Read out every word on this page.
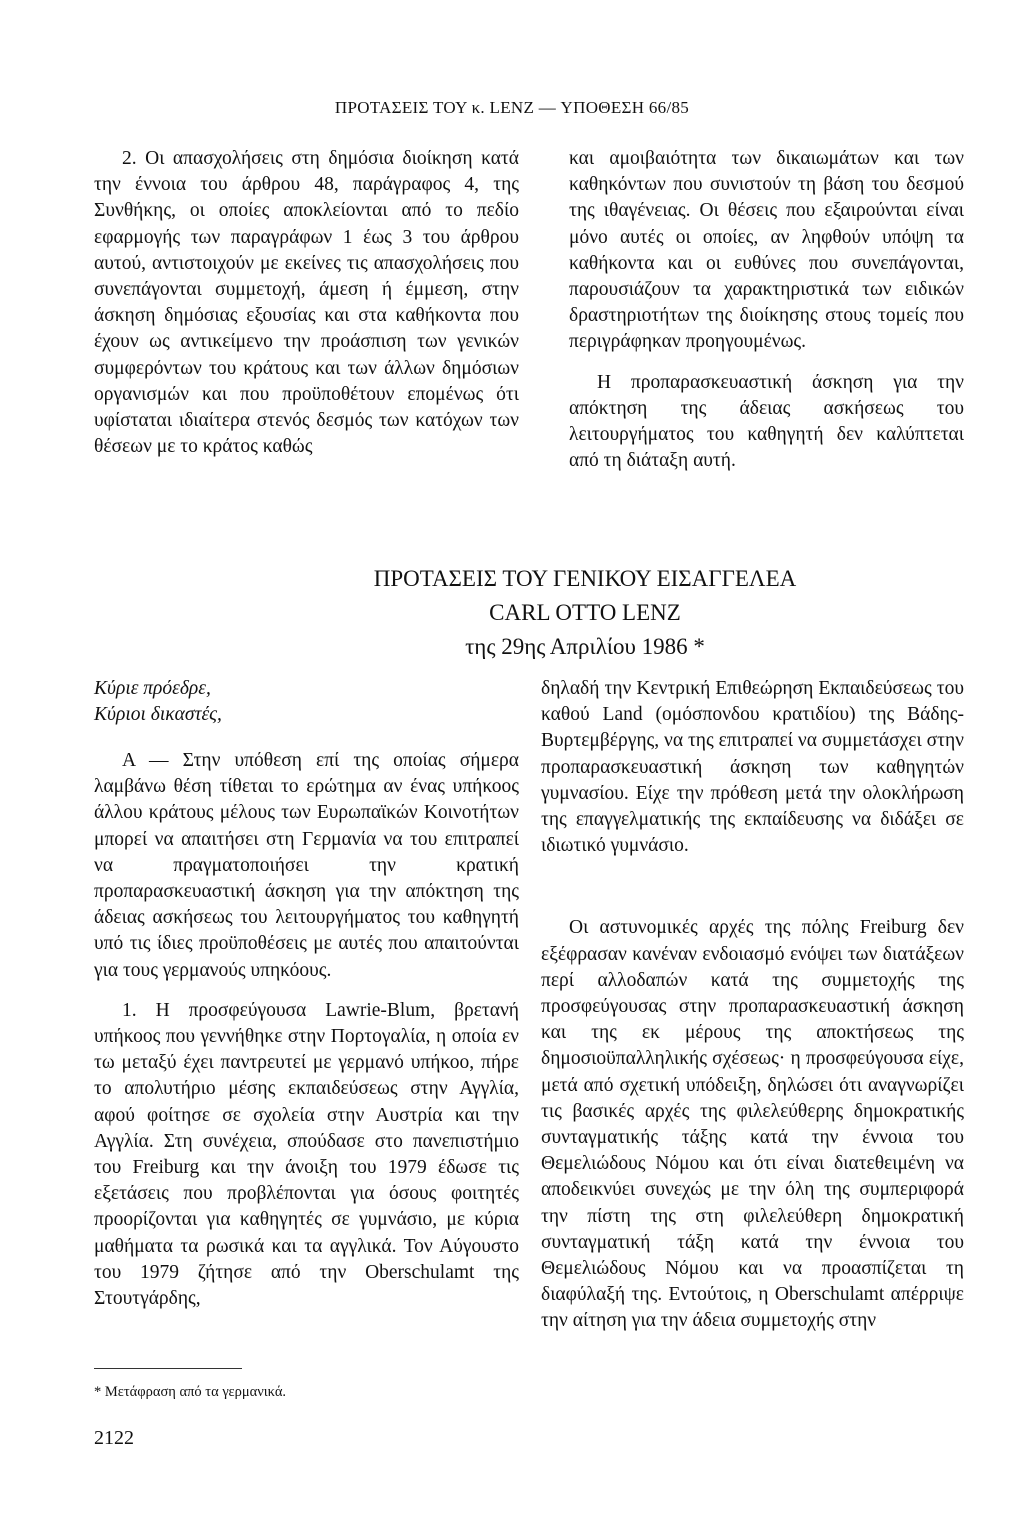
ΠΡΟΤΑΣΕΙΣ ΤΟΥ κ. LENZ — ΥΠΟΘΕΣΗ 66/85

2. Οι απασχολήσεις στη δημόσια διοίκηση κατά την έννοια του άρθρου 48, παράγραφος 4, της Συνθήκης, οι οποίες αποκλείονται από το πεδίο εφαρμογής των παραγράφων 1 έως 3 του άρθρου αυτού, αντιστοιχούν με εκείνες τις απασχολήσεις που συνεπάγονται συμμετοχή, άμεση ή έμμεση, στην άσκηση δημόσιας εξουσίας και στα καθήκοντα που έχουν ως αντικείμενο την προάσπιση των γενικών συμφερόντων του κράτους και των άλλων δημόσιων οργανισμών και που προϋποθέτουν επομένως ότι υφίσταται ιδιαίτερα στενός δεσμός των κατόχων των θέσεων με το κράτος καθώς

και αμοιβαιότητα των δικαιωμάτων και των καθηκόντων που συνιστούν τη βάση του δεσμού της ιθαγένειας. Οι θέσεις που εξαιρούνται είναι μόνο αυτές οι οποίες, αν ληφθούν υπόψη τα καθήκοντα και οι ευθύνες που συνεπάγονται, παρουσιάζουν τα χαρακτηριστικά των ειδικών δραστηριοτήτων της διοίκησης στους τομείς που περιγράφηκαν προηγουμένως.

Η προπαρασκευαστική άσκηση για την απόκτηση της άδειας ασκήσεως του λειτουργήματος του καθηγητή δεν καλύπτεται από τη διάταξη αυτή.

ΠΡΟΤΑΣΕΙΣ ΤΟΥ ΓΕΝΙΚΟΥ ΕΙΣΑΓΓΕΛΕΑ
CARL OTTO LENZ
της 29ης Απριλίου 1986 *
Κύριε πρόεδρε,
Κύριοι δικαστές,

Α — Στην υπόθεση επί της οποίας σήμερα λαμβάνω θέση τίθεται το ερώτημα αν ένας υπήκοος άλλου κράτους μέλους των Ευρωπαϊκών Κοινοτήτων μπορεί να απαιτήσει στη Γερμανία να του επιτραπεί να πραγματοποιήσει την κρατική προπαρασκευαστική άσκηση για την απόκτηση της άδειας ασκήσεως του λειτουργήματος του καθηγητή υπό τις ίδιες προϋποθέσεις με αυτές που απαιτούνται για τους γερμανούς υπηκόους.

1. Η προσφεύγουσα Lawrie-Blum, βρετανή υπήκοος που γεννήθηκε στην Πορτογαλία, η οποία εν τω μεταξύ έχει παντρευτεί με γερμανό υπήκοο, πήρε το απολυτήριο μέσης εκπαιδεύσεως στην Αγγλία, αφού φοίτησε σε σχολεία στην Αυστρία και την Αγγλία. Στη συνέχεια, σπούδασε στο πανεπιστήμιο του Freiburg και την άνοιξη του 1979 έδωσε τις εξετάσεις που προβλέπονται για όσους φοιτητές προορίζονται για καθηγητές σε γυμνάσιο, με κύρια μαθήματα τα ρωσικά και τα αγγλικά. Τον Αύγουστο του 1979 ζήτησε από την Oberschulamt της Στουτγάρδης,

δηλαδή την Κεντρική Επιθεώρηση Εκπαιδεύσεως του καθού Land (ομόσπονδου κρατιδίου) της Βάδης-Βυρτεμβέργης, να της επιτραπεί να συμμετάσχει στην προπαρασκευαστική άσκηση των καθηγητών γυμνασίου. Είχε την πρόθεση μετά την ολοκλήρωση της επαγγελματικής της εκπαίδευσης να διδάξει σε ιδιωτικό γυμνάσιο.

Οι αστυνομικές αρχές της πόλης Freiburg δεν εξέφρασαν κανέναν ενδοιασμό ενόψει των διατάξεων περί αλλοδαπών κατά της συμμετοχής της προσφεύγουσας στην προπαρασκευαστική άσκηση και της εκ μέρους της αποκτήσεως της δημοσιοϋπαλληλικής σχέσεως· η προσφεύγουσα είχε, μετά από σχετική υπόδειξη, δηλώσει ότι αναγνωρίζει τις βασικές αρχές της φιλελεύθερης δημοκρατικής συνταγματικής τάξης κατά την έννοια του Θεμελιώδους Νόμου και ότι είναι διατεθειμένη να αποδεικνύει συνεχώς με την όλη της συμπεριφορά την πίστη της στη φιλελεύθερη δημοκρατική συνταγματική τάξη κατά την έννοια του Θεμελιώδους Νόμου και να προασπίζεται τη διαφύλαξή της. Εντούτοις, η Oberschulamt απέρριψε την αίτηση για την άδεια συμμετοχής στην

* Μετάφραση από τα γερμανικά.
2122
